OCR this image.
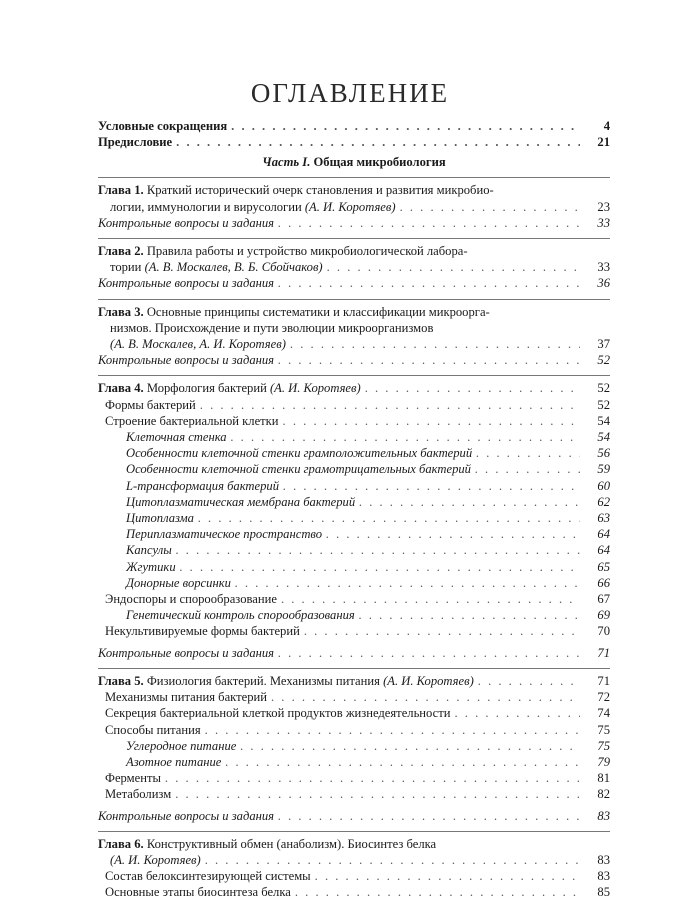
ОГЛАВЛЕНИЕ
Условные сокращения . . .	4
Предисловие . . .	21
Часть I. Общая микробиология
Глава 1. Краткий исторический очерк становления и развития микробио-
логии, иммунологии и вирусологии (А. И. Коротяев) . . .	23
Контрольные вопросы и задания . . .	33
Глава 2. Правила работы и устройство микробиологической лабора-
тории (А. В. Москалев, В. Б. Сбойчаков) . . .	33
Контрольные вопросы и задания . . .	36
Глава 3. Основные принципы систематики и классификации микроорга-
низмов. Происхождение и пути эволюции микроорганизмов
(А. В. Москалев, А. И. Коротяев) . . .	37
Контрольные вопросы и задания . . .	52
Глава 4. Морфология бактерий (А. И. Коротяев) . . .	52
Формы бактерий . . .	52
Строение бактериальной клетки . . .	54
Клеточная стенка . . .	54
Особенности клеточной стенки грамположительных бактерий . . .	56
Особенности клеточной стенки грамотрицательных бактерий . . .	59
L-трансформация бактерий . . .	60
Цитоплазматическая мембрана бактерий . . .	62
Цитоплазма . . .	63
Периплазматическое пространство . . .	64
Капсулы . . .	64
Жгутики . . .	65
Донорные ворсинки . . .	66
Эндоспоры и спорообразование . . .	67
Генетический контроль спорообразования . . .	69
Некультивируемые формы бактерий . . .	70
Контрольные вопросы и задания . . .	71
Глава 5. Физиология бактерий. Механизмы питания (А. И. Коротяев) . . .	71
Механизмы питания бактерий . . .	72
Секреция бактериальной клеткой продуктов жизнедеятельности . . .	74
Способы питания . . .	75
Углеродное питание . . .	75
Азотное питание . . .	79
Ферменты . . .	81
Метаболизм . . .	82
Контрольные вопросы и задания . . .	83
Глава 6. Конструктивный обмен (анаболизм). Биосинтез белка
(А. И. Коротяев) . . .	83
Состав белоксинтезирующей системы . . .	83
Основные этапы биосинтеза белка . . .	85
